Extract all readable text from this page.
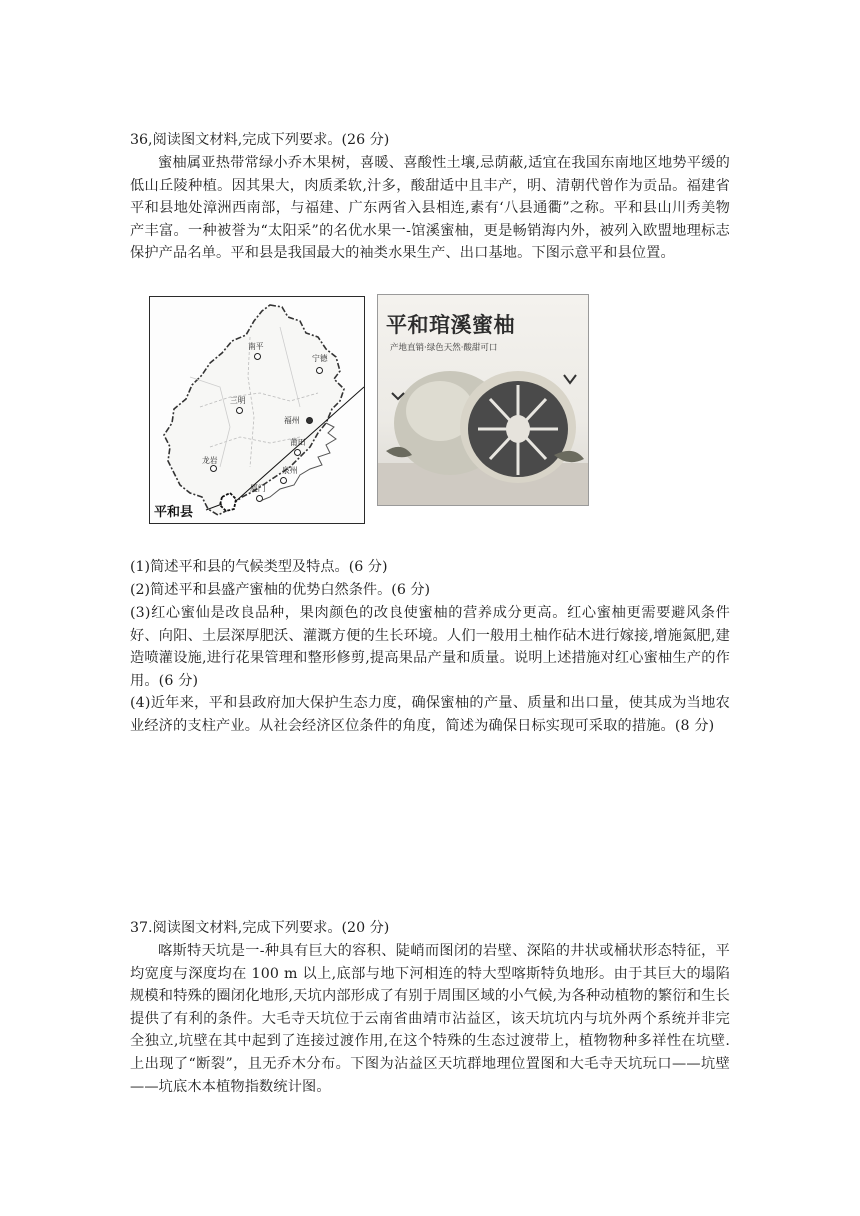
36,阅读图文材料,完成下列要求。(26 分)
蜜柚属亚热带常绿小乔木果树，喜暖、喜酸性土壤,忌荫蔽,适宜在我国东南地区地势平缓的低山丘陵种植。因其果大，肉质柔软,汁多，酸甜适中且丰产，明、清朝代曾作为贡品。福建省平和县地处漳洲西南部，与福建、广东两省入县相连,素有‘八县通衢”之称。平和县山川秀美物产丰富。一种被誉为“太阳采”的名优水果一-馆溪蜜柚，更是畅销海内外，被列入欧盟地理标志保护产品名单。平和县是我国最大的袖类水果生产、出口基地。下图示意平和县位置。
南平
宁德
三明
福州
莆田
龙岩
泉州
厦门
平和县
平和琯溪蜜柚
产地直销·绿色天然·酸甜可口
(1)简述平和县的气候类型及特点。(6 分)
(2)简述平和县盛产蜜柚的优势白然条件。(6 分)
(3)红心蜜仙是改良品种，果肉颜色的改良使蜜柚的营养成分更高。红心蜜柚更需要避风条件好、向阳、土层深厚肥沃、灌溉方便的生长环境。人们一般用土柚作砧木进行嫁接,增施氮肥,建造喷灌设施,进行花果管理和整形修剪,提高果品产量和质量。说明上述措施对红心蜜柚生产的作用。(6 分)
(4)近年来，平和县政府加大保护生态力度，确保蜜柚的产量、质量和出口量，使其成为当地农业经济的支柱产业。从社会经济区位条件的角度，简述为确保日标实现可采取的措施。(8 分)
37.阅读图文材料,完成下列要求。(20 分)
喀斯特天坑是一-种具有巨大的容积、陡峭而图闭的岩壁、深陷的井状或桶状形态特征，平均宽度与深度均在 100 m 以上,底部与地下河相连的特大型喀斯特负地形。由于其巨大的塌陷规模和特殊的圈闭化地形,天坑内部形成了有别于周围区域的小气候,为各种动植物的繁衍和生长提供了有利的条件。大毛寺天坑位于云南省曲靖市沾益区，该天坑坑内与坑外两个系统并非完全独立,坑壁在其中起到了连接过渡作用,在这个特殊的生态过渡带上，植物物种多祥性在坑壁.上出现了“断裂”，且无乔木分布。下图为沾益区天坑群地理位置图和大毛寺天坑玩口——坑壁——坑底木本植物指数统计图。
